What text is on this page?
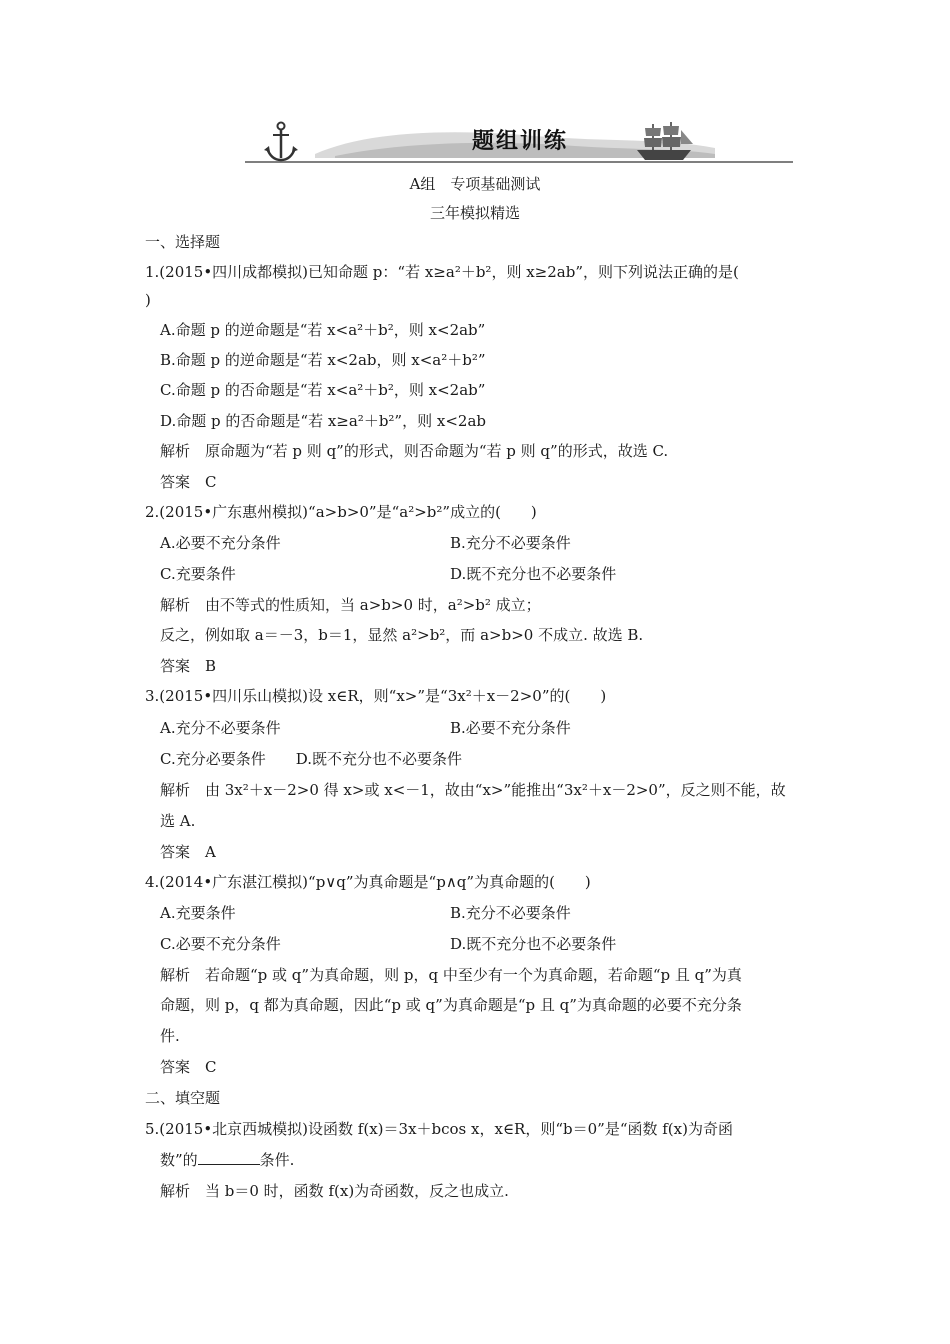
题组训练
A组　专项基础测试
三年模拟精选
一、选择题
1.(2015•四川成都模拟)已知命题 p：“若 x≥a²＋b²，则 x≥2ab”，则下列说法正确的是(
)
A.命题 p 的逆命题是“若 x<a²＋b²，则 x<2ab”
B.命题 p 的逆命题是“若 x<2ab，则 x<a²＋b²”
C.命题 p 的否命题是“若 x<a²＋b²，则 x<2ab”
D.命题 p 的否命题是“若 x≥a²＋b²”，则 x<2ab
解析　原命题为“若 p 则 q”的形式，则否命题为“若 p 则 q”的形式，故选 C.
答案　C
2.(2015•广东惠州模拟)“a>b>0”是“a²>b²”成立的(　　)
A.必要不充分条件	B.充分不必要条件
C.充要条件	D.既不充分也不必要条件
解析　由不等式的性质知，当 a>b>0 时，a²>b² 成立；
反之，例如取 a＝－3，b＝1，显然 a²>b²，而 a>b>0 不成立. 故选 B.
答案　B
3.(2015•四川乐山模拟)设 x∈R，则“x>”是“3x²＋x－2>0”的(　　)
A.充分不必要条件	B.必要不充分条件
C.充分必要条件　　D.既不充分也不必要条件
解析　由 3x²＋x－2>0 得 x>或 x<－1，故由“x>”能推出“3x²＋x－2>0”，反之则不能，故
选 A.
答案　A
4.(2014•广东湛江模拟)“p∨q”为真命题是“p∧q”为真命题的(　　)
A.充要条件	B.充分不必要条件
C.必要不充分条件	D.既不充分也不必要条件
解析　若命题“p 或 q”为真命题，则 p，q 中至少有一个为真命题，若命题“p 且 q”为真
命题，则 p，q 都为真命题，因此“p 或 q”为真命题是“p 且 q”为真命题的必要不充分条
件.
答案　C
二、填空题
5.(2015•北京西城模拟)设函数 f(x)＝3x＋bcos x，x∈R，则“b＝0”是“函数 f(x)为奇函
数”的	条件.
解析　当 b＝0 时，函数 f(x)为奇函数，反之也成立.
